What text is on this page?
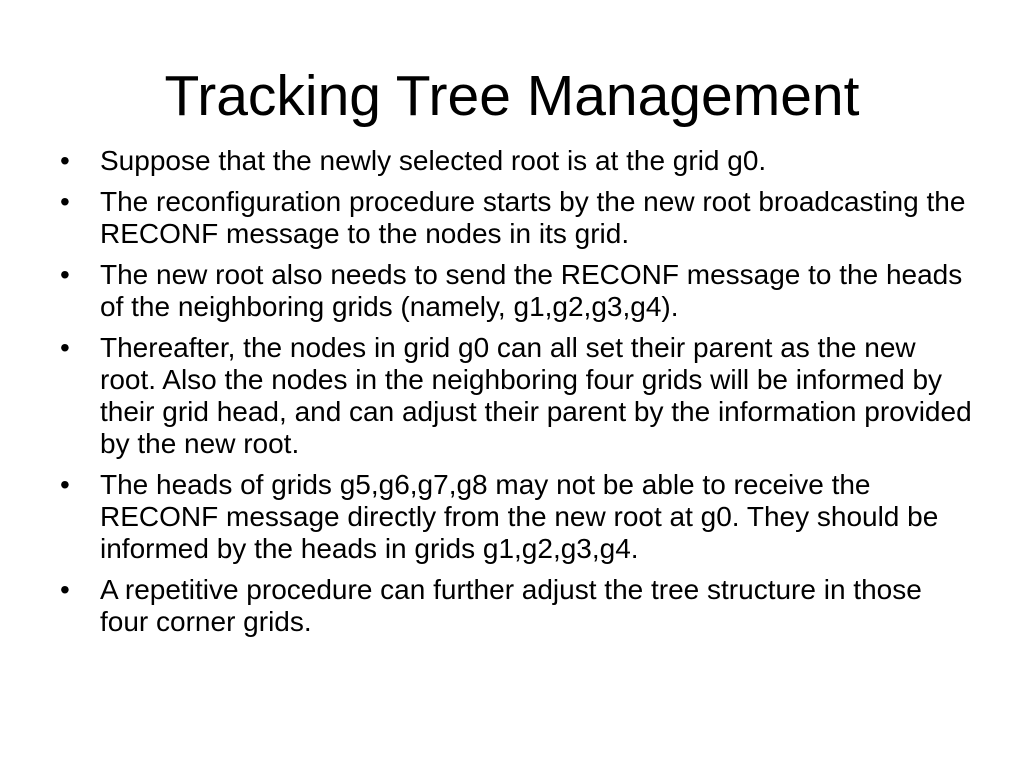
Tracking Tree Management
• Suppose that the newly selected root is at the grid g0.
• The reconfiguration procedure starts by the new root broadcasting the RECONF message to the nodes in its grid.
• The new root also needs to send the RECONF message to the heads of the neighboring grids (namely, g1,g2,g3,g4).
• Thereafter, the nodes in grid g0 can all set their parent as the new root. Also the nodes in the neighboring four grids will be informed by their grid head, and can adjust their parent by the information provided by the new root.
• The heads of grids g5,g6,g7,g8 may not be able to receive the RECONF message directly from the new root at g0. They should be informed by the heads in grids g1,g2,g3,g4.
• A repetitive procedure can further adjust the tree structure in those four corner grids.
